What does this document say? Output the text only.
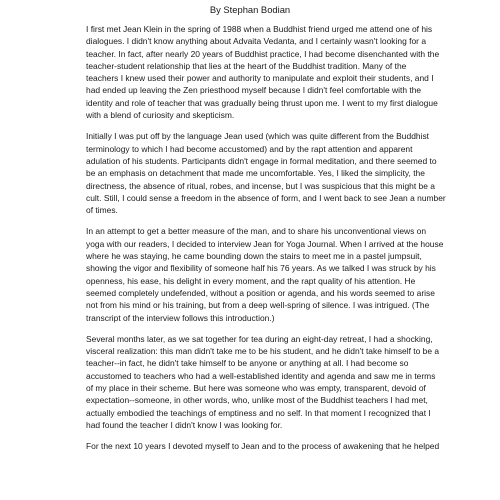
By Stephan Bodian

I first met Jean Klein in the spring of 1988 when a Buddhist friend urged me attend one of his
dialogues. I didn't know anything about Advaita Vedanta, and I certainly wasn't looking for a
teacher. In fact, after nearly 20 years of Buddhist practice, I had become disenchanted with the
teacher-student relationship that lies at the heart of the Buddhist tradition. Many of the
teachers I knew used their power and authority to manipulate and exploit their students, and I
had ended up leaving the Zen priesthood myself because I didn't feel comfortable with the
identity and role of teacher that was gradually being thrust upon me. I went to my first dialogue
with a blend of curiosity and skepticism.

Initially I was put off by the language Jean used (which was quite different from the Buddhist
terminology to which I had become accustomed) and by the rapt attention and apparent
adulation of his students. Participants didn't engage in formal meditation, and there seemed to
be an emphasis on detachment that made me uncomfortable. Yes, I liked the simplicity, the
directness, the absence of ritual, robes, and incense, but I was suspicious that this might be a
cult. Still, I could sense a freedom in the absence of form, and I went back to see Jean a number
of times.

In an attempt to get a better measure of the man, and to share his unconventional views on
yoga with our readers, I decided to interview Jean for Yoga Journal. When I arrived at the house
where he was staying, he came bounding down the stairs to meet me in a pastel jumpsuit,
showing the vigor and flexibility of someone half his 76 years. As we talked I was struck by his
openness, his ease, his delight in every moment, and the rapt quality of his attention. He
seemed completely undefended, without a position or agenda, and his words seemed to arise
not from his mind or his training, but from a deep well-spring of silence. I was intrigued. (The
transcript of the interview follows this introduction.)

Several months later, as we sat together for tea during an eight-day retreat, I had a shocking,
visceral realization: this man didn't take me to be his student, and he didn't take himself to be a
teacher--in fact, he didn't take himself to be anyone or anything at all. I had become so
accustomed to teachers who had a well-established identity and agenda and saw me in terms
of my place in their scheme. But here was someone who was empty, transparent, devoid of
expectation--someone, in other words, who, unlike most of the Buddhist teachers I had met,
actually embodied the teachings of emptiness and no self. In that moment I recognized that I
had found the teacher I didn't know I was looking for.

For the next 10 years I devoted myself to Jean and to the process of awakening that he helped
